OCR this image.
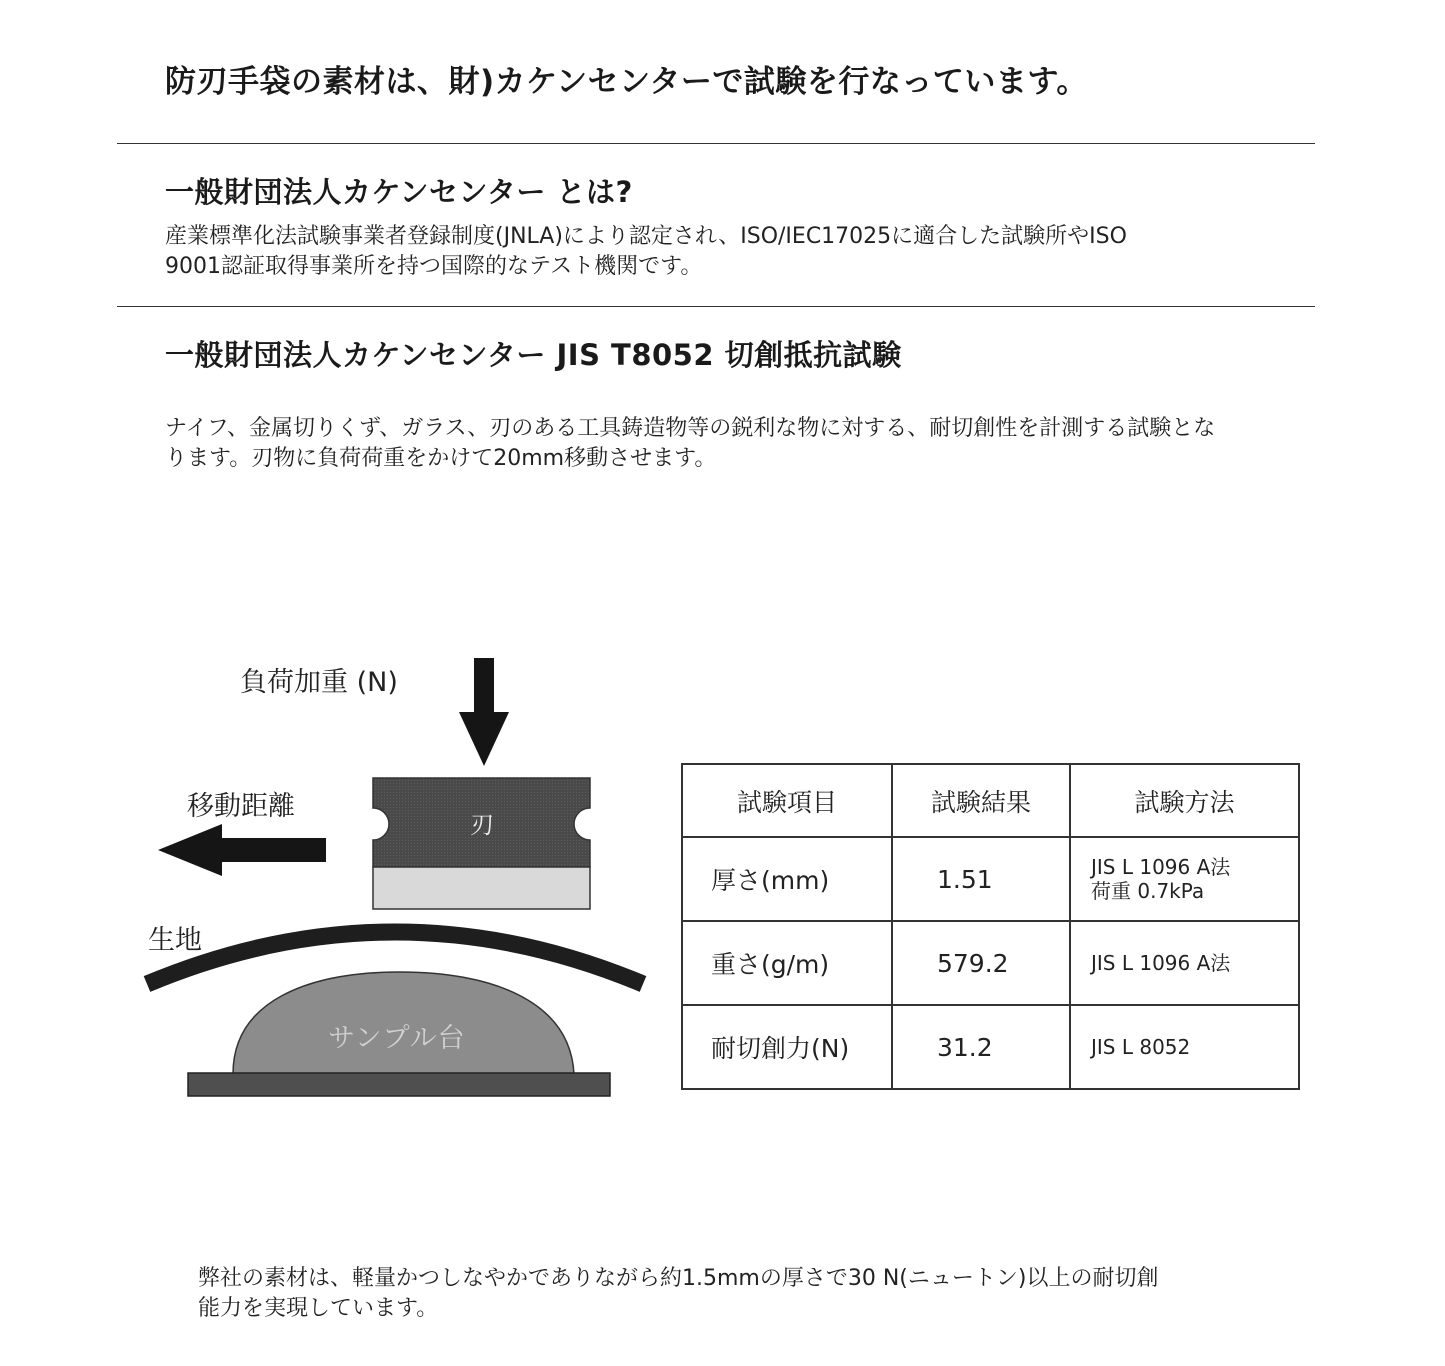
防刃手袋の素材は、財)カケンセンターで試験を行なっています。
一般財団法人カケンセンター とは?
産業標準化法試験事業者登録制度(JNLA)により認定され、ISO/IEC17025に適合した試験所やISO
9001認証取得事業所を持つ国際的なテスト機関です。
一般財団法人カケンセンター JIS T8052 切創抵抗試験
ナイフ、金属切りくず、ガラス、刃のある工具鋳造物等の鋭利な物に対する、耐切創性を計測する試験とな
ります。刃物に負荷荷重をかけて20mm移動させます。
負荷加重 (N)
移動距離
刃
生地
サンプル台
試験項目	試験結果	試験方法
厚さ(mm)	1.51	JIS L 1096 A法
荷重 0.7kPa

重さ(g/m)	579.2	JIS L 1096 A法

耐切創力(N)	31.2	JIS L 8052
弊社の素材は、軽量かつしなやかでありながら約1.5mmの厚さで30 N(ニュートン)以上の耐切創
能力を実現しています。
